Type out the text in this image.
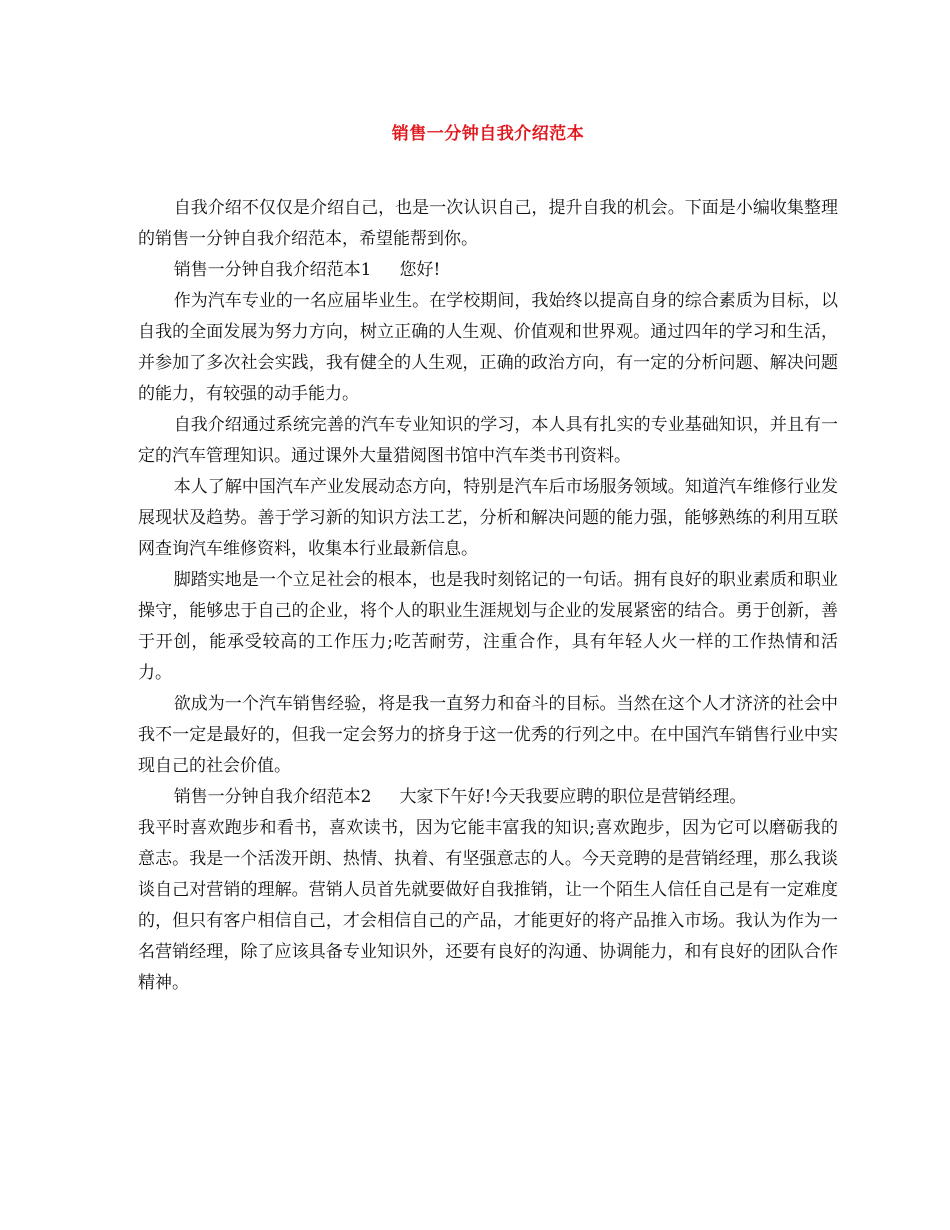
销售一分钟自我介绍范本

自我介绍不仅仅是介绍自己，也是一次认识自己，提升自我的机会。下面是小编收集整理的销售一分钟自我介绍范本，希望能帮到你。

销售一分钟自我介绍范本1 您好!

作为汽车专业的一名应届毕业生。在学校期间，我始终以提高自身的综合素质为目标，以自我的全面发展为努力方向，树立正确的人生观、价值观和世界观。通过四年的学习和生活，并参加了多次社会实践，我有健全的人生观，正确的政治方向，有一定的分析问题、解决问题的能力，有较强的动手能力。

自我介绍通过系统完善的汽车专业知识的学习，本人具有扎实的专业基础知识，并且有一定的汽车管理知识。通过课外大量猎阅图书馆中汽车类书刊资料。

本人了解中国汽车产业发展动态方向，特别是汽车后市场服务领域。知道汽车维修行业发展现状及趋势。善于学习新的知识方法工艺，分析和解决问题的能力强，能够熟练的利用互联网查询汽车维修资料，收集本行业最新信息。

脚踏实地是一个立足社会的根本，也是我时刻铭记的一句话。拥有良好的职业素质和职业操守，能够忠于自己的企业，将个人的职业生涯规划与企业的发展紧密的结合。勇于创新，善于开创，能承受较高的工作压力;吃苦耐劳，注重合作，具有年轻人火一样的工作热情和活力。

欲成为一个汽车销售经验，将是我一直努力和奋斗的目标。当然在这个人才济济的社会中我不一定是最好的，但我一定会努力的挤身于这一优秀的行列之中。在中国汽车销售行业中实现自己的社会价值。

销售一分钟自我介绍范本2 大家下午好!今天我要应聘的职位是营销经理。

我平时喜欢跑步和看书，喜欢读书，因为它能丰富我的知识;喜欢跑步，因为它可以磨砺我的意志。我是一个活泼开朗、热情、执着、有坚强意志的人。今天竞聘的是营销经理，那么我谈谈自己对营销的理解。营销人员首先就要做好自我推销，让一个陌生人信任自己是有一定难度的，但只有客户相信自己，才会相信自己的产品，才能更好的将产品推入市场。我认为作为一名营销经理，除了应该具备专业知识外，还要有良好的沟通、协调能力，和有良好的团队合作精神。
